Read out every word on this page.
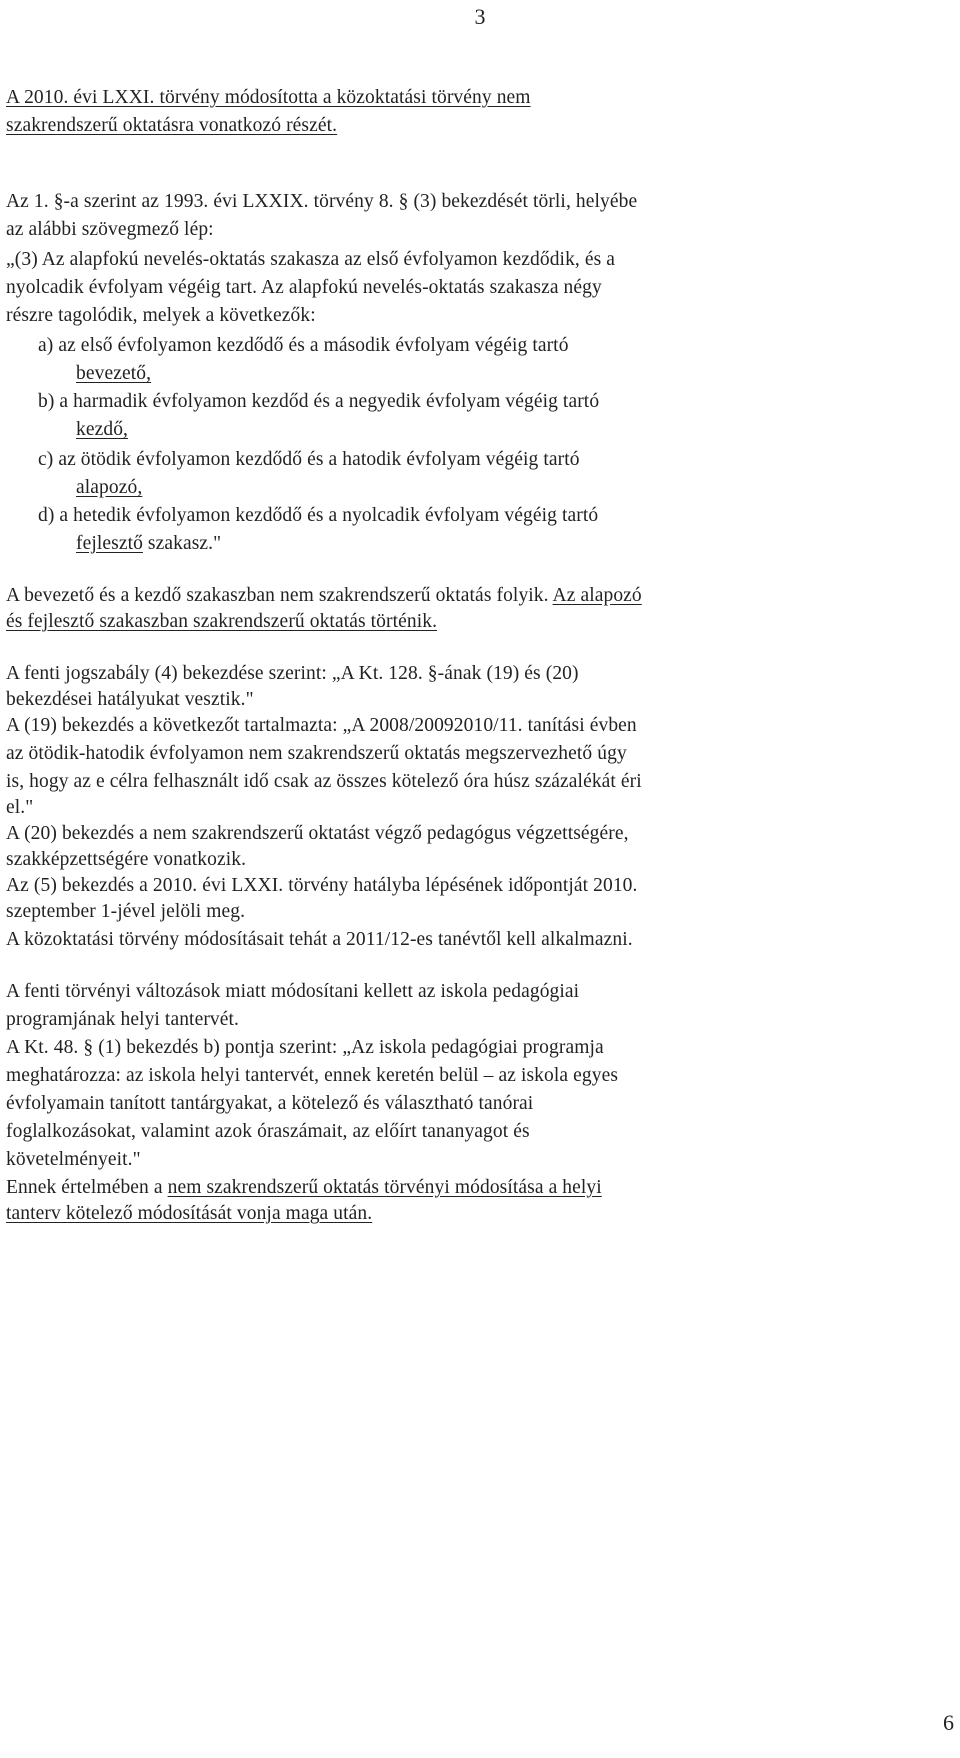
3
A 2010. évi LXXI. törvény módosította a közoktatási törvény nem
szakrendszerű oktatásra vonatkozó részét.
Az 1. §-a szerint az 1993. évi LXXIX. törvény 8. § (3) bekezdését törli, helyébe
az alábbi szövegmező lép:
„(3) Az alapfokú nevelés-oktatás szakasza az első évfolyamon kezdődik, és a
nyolcadik évfolyam végéig tart. Az alapfokú nevelés-oktatás szakasza négy
részre tagolódik, melyek a következők:
a) az első évfolyamon kezdődő és a második évfolyam végéig tartó
bevezető,
b) a harmadik évfolyamon kezdőd és a negyedik évfolyam végéig tartó
kezdő,
c) az ötödik évfolyamon kezdődő és a hatodik évfolyam végéig tartó
alapozó,
d) a hetedik évfolyamon kezdődő és a nyolcadik évfolyam végéig tartó
fejlesztő szakasz."
A bevezető és a kezdő szakaszban nem szakrendszerű oktatás folyik. Az alapozó
és fejlesztő szakaszban szakrendszerű oktatás történik.
A fenti jogszabály (4) bekezdése szerint: „A Kt. 128. §-ának (19) és (20)
bekezdései hatályukat vesztik."
A (19) bekezdés a következőt tartalmazta: „A 2008/20092010/11. tanítási évben
az ötödik-hatodik évfolyamon nem szakrendszerű oktatás megszervezhető úgy
is, hogy az e célra felhasznált idő csak az összes kötelező óra húsz százalékát éri
el."
A (20) bekezdés a nem szakrendszerű oktatást végző pedagógus végzettségére,
szakképzettségére vonatkozik.
Az (5) bekezdés a 2010. évi LXXI. törvény hatályba lépésének időpontját 2010.
szeptember 1-jével jelöli meg.
A közoktatási törvény módosításait tehát a 2011/12-es tanévtől kell alkalmazni.
A fenti törvényi változások miatt módosítani kellett az iskola pedagógiai
programjának helyi tantervét.
A Kt. 48. § (1) bekezdés b) pontja szerint: „Az iskola pedagógiai programja
meghatározza: az iskola helyi tantervét, ennek keretén belül – az iskola egyes
évfolyamain tanított tantárgyakat, a kötelező és választható tanórai
foglalkozásokat, valamint azok óraszámait, az előírt tananyagot és
követelményeit."
Ennek értelmében a nem szakrendszerű oktatás törvényi módosítása a helyi
tanterv kötelező módosítását vonja maga után.
6
